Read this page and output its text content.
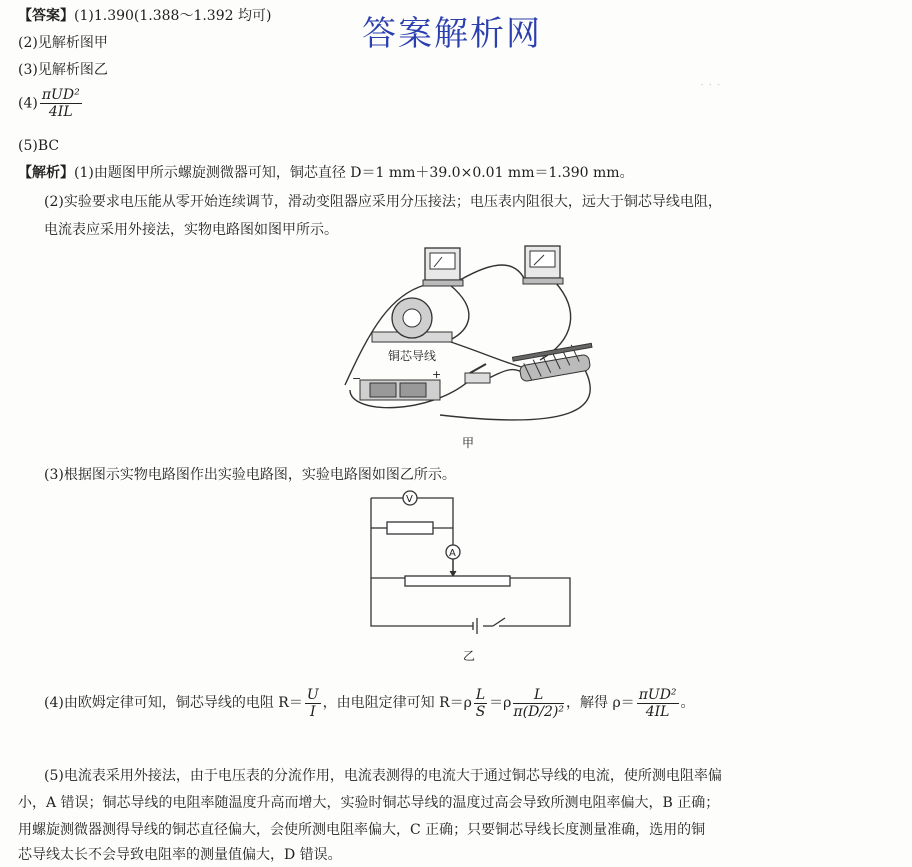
· · ·
答案解析网
【答案】(1)1.390(1.388～1.392 均可)
(2)见解析图甲
(3)见解析图乙
$(4) \frac{\text{πUD²}}{4IL}$
(5)BC
【解析】(1)由题图甲所示螺旋测微器可知，铜芯直径 D＝1 mm＋39.0×0.01 mm＝1.390 mm。
(2)实验要求电压能从零开始连续调节，滑动变阻器应采用分压接法；电压表内阻很大，远大于铜芯导线电阻，
电流表应采用外接法，实物电路图如图甲所示。
铜芯导线
−	+
甲
(3)根据图示实物电路图作出实验电路图，实验电路图如图乙所示。
V
A
乙
(4)由欧姆定律可知，铜芯导线的电阻 $R= \frac{U}{I}$ ，由电阻定律可知 $R=\rho \frac{L}{S} =\rho \frac{L}{\text{π(D/2)²}}$ ，解得 $\rho= \frac{\text{πUD²}}{4IL}$ 。
(5)电流表采用外接法，由于电压表的分流作用，电流表测得的电流大于通过铜芯导线的电流，使所测电阻率偏
小，A 错误；铜芯导线的电阻率随温度升高而增大，实验时铜芯导线的温度过高会导致所测电阻率偏大，B 正确；
用螺旋测微器测得导线的铜芯直径偏大，会使所测电阻率偏大，C 正确；只要铜芯导线长度测量准确，选用的铜
芯导线太长不会导致电阻率的测量值偏大，D 错误。
